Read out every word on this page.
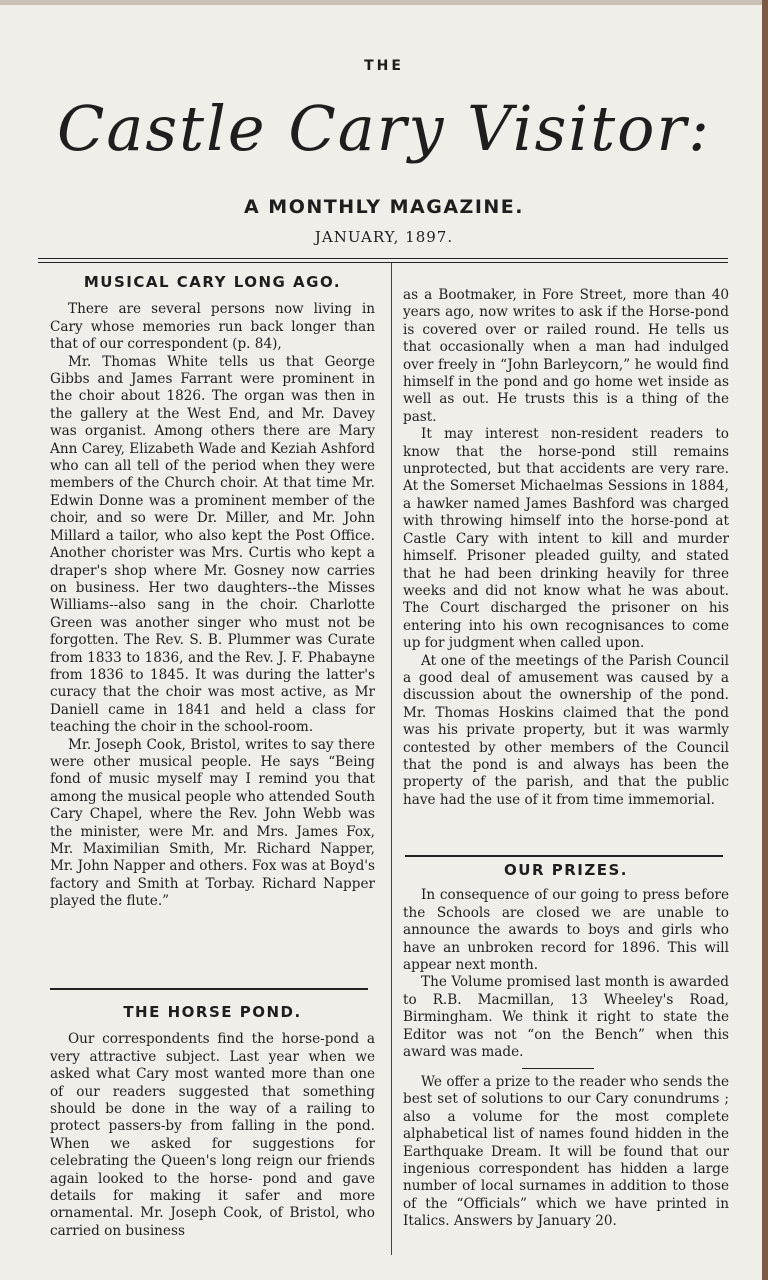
THE
Castle Cary Visitor:
A MONTHLY MAGAZINE.
JANUARY, 1897.
MUSICAL CARY LONG AGO.

There are several persons now living in Cary whose memories run back longer than that of our correspondent (p. 84),

Mr. Thomas White tells us that George Gibbs and James Farrant were prominent in the choir about 1826. The organ was then in the gallery at the West End, and Mr. Davey was organist. Among others there are Mary Ann Carey, Elizabeth Wade and Keziah Ashford who can all tell of the period when they were members of the Church choir. At that time Mr. Edwin Donne was a prominent member of the choir, and so were Dr. Miller, and Mr. John Millard a tailor, who also kept the Post Office. Another chorister was Mrs. Curtis who kept a draper's shop where Mr. Gosney now carries on business. Her two daughters--the Misses Williams--also sang in the choir. Charlotte Green was another singer who must not be forgotten. The Rev. S. B. Plummer was Curate from 1833 to 1836, and the Rev. J. F. Phabayne from 1836 to 1845. It was during the latter's curacy that the choir was most active, as Mr Daniell came in 1841 and held a class for teaching the choir in the school-room.

Mr. Joseph Cook, Bristol, writes to say there were other musical people. He says “Being fond of music myself may I remind you that among the musical people who attended South Cary Chapel, where the Rev. John Webb was the minister, were Mr. and Mrs. James Fox, Mr. Maximilian Smith, Mr. Richard Napper, Mr. John Napper and others. Fox was at Boyd's factory and Smith at Torbay. Richard Napper played the flute.”

THE HORSE POND.

Our correspondents find the horse-pond a very attractive subject. Last year when we asked what Cary most wanted more than one of our readers suggested that something should be done in the way of a railing to protect passers-by from falling in the pond. When we asked for suggestions for celebrating the Queen's long reign our friends again looked to the horse- pond and gave details for making it safer and more ornamental. Mr. Joseph Cook, of Bristol, who carried on business

as a Bootmaker, in Fore Street, more than 40 years ago, now writes to ask if the Horse-pond is covered over or railed round. He tells us that occasionally when a man had indulged over freely in “John Barleycorn,” he would find himself in the pond and go home wet inside as well as out. He trusts this is a thing of the past.

It may interest non-resident readers to know that the horse-pond still remains unprotected, but that accidents are very rare. At the Somerset Michaelmas Sessions in 1884, a hawker named James Bashford was charged with throwing himself into the horse-pond at Castle Cary with intent to kill and murder himself. Prisoner pleaded guilty, and stated that he had been drinking heavily for three weeks and did not know what he was about. The Court discharged the prisoner on his entering into his own recognisances to come up for judgment when called upon.

At one of the meetings of the Parish Council a good deal of amusement was caused by a discussion about the ownership of the pond. Mr. Thomas Hoskins claimed that the pond was his private property, but it was warmly contested by other members of the Council that the pond is and always has been the property of the parish, and that the public have had the use of it from time immemorial.

OUR PRIZES.

In consequence of our going to press before the Schools are closed we are unable to announce the awards to boys and girls who have an unbroken record for 1896. This will appear next month.

The Volume promised last month is awarded to R.B. Macmillan, 13 Wheeley's Road, Birmingham. We think it right to state the Editor was not “on the Bench” when this award was made.

We offer a prize to the reader who sends the best set of solutions to our Cary conundrums ; also a volume for the most complete alphabetical list of names found hidden in the Earthquake Dream. It will be found that our ingenious correspondent has hidden a large number of local surnames in addition to those of the “Officials” which we have printed in Italics. Answers by January 20.
